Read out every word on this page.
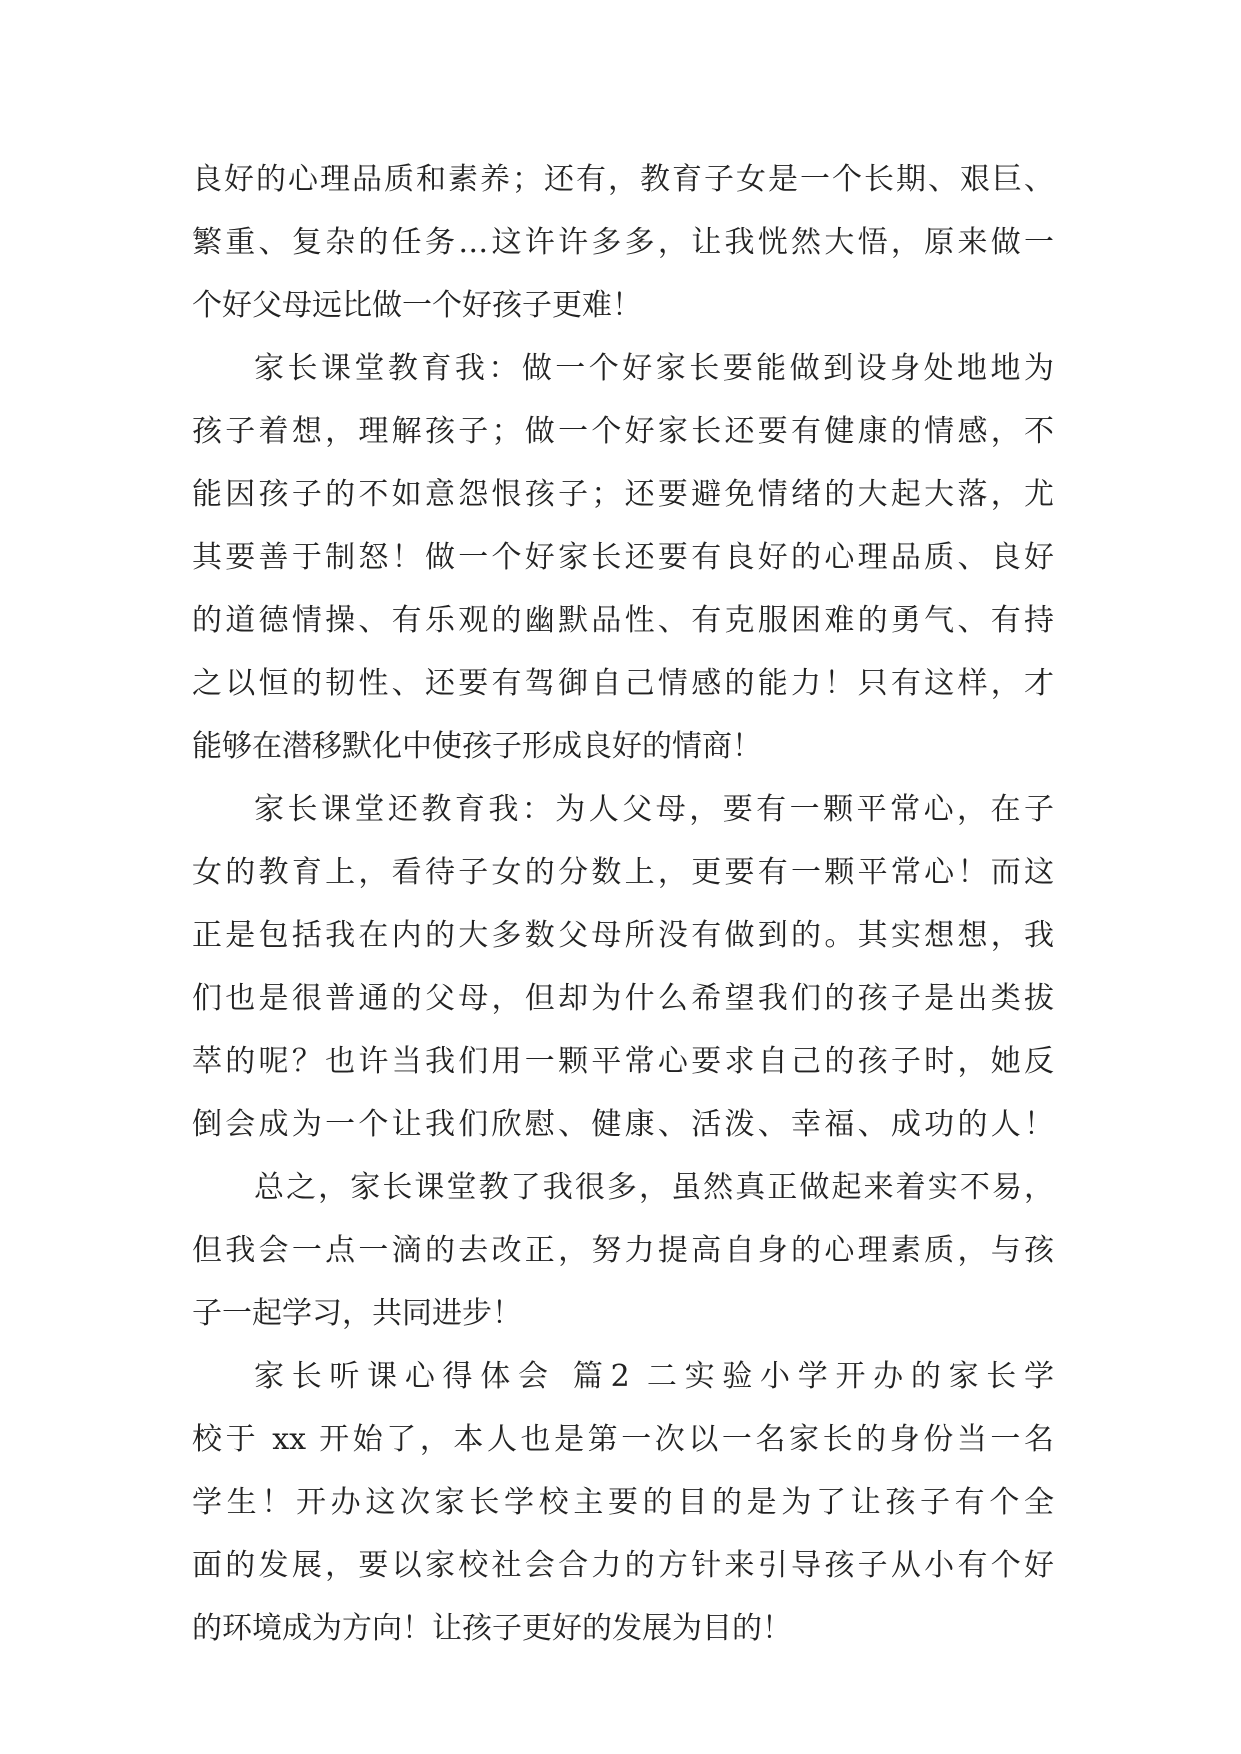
良好的心理品质和素养；还有，教育子女是一个长期、艰巨、
繁重、复杂的任务…这许许多多，让我恍然大悟，原来做一
个好父母远比做一个好孩子更难！
家长课堂教育我：做一个好家长要能做到设身处地地为
孩子着想，理解孩子；做一个好家长还要有健康的情感，不
能因孩子的不如意怨恨孩子；还要避免情绪的大起大落，尤
其要善于制怒！做一个好家长还要有良好的心理品质、良好
的道德情操、有乐观的幽默品性、有克服困难的勇气、有持
之以恒的韧性、还要有驾御自己情感的能力！只有这样，才
能够在潜移默化中使孩子形成良好的情商！
家长课堂还教育我：为人父母，要有一颗平常心，在子
女的教育上，看待子女的分数上，更要有一颗平常心！而这
正是包括我在内的大多数父母所没有做到的。其实想想，我
们也是很普通的父母，但却为什么希望我们的孩子是出类拔
萃的呢？也许当我们用一颗平常心要求自己的孩子时，她反
倒会成为一个让我们欣慰、健康、活泼、幸福、成功的人！
总之，家长课堂教了我很多，虽然真正做起来着实不易，
但我会一点一滴的去改正，努力提高自身的心理素质，与孩
子一起学习，共同进步！
家长听课心得体会 篇2 二实验小学开办的家长学
校于 xx 开始了，本人也是第一次以一名家长的身份当一名
学生！开办这次家长学校主要的目的是为了让孩子有个全
面的发展，要以家校社会合力的方针来引导孩子从小有个好
的环境成为方向！让孩子更好的发展为目的！
